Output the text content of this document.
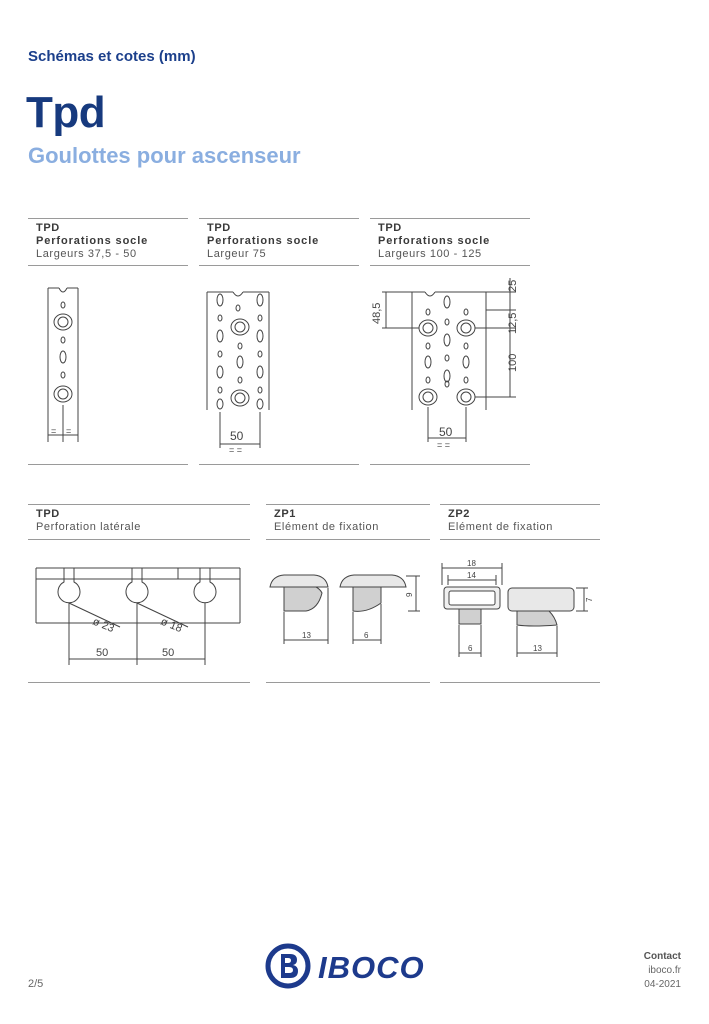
Schémas et cotes (mm)
Tpd
Goulottes pour ascenseur
TPD
Perforations socle
Largeurs 37,5 - 50
= =
TPD
Perforations socle
Largeur 75
50
= =
TPD
Perforations socle
Largeurs 100 - 125
48,5
25
12,5
100
50
= =
TPD
Perforation latérale
ø 23	ø 18
50	50
ZP1
Elément de fixation
13	6
9
ZP2
Elément de fixation
18
14
7
6	13
2/5	IBOCO	Contact
iboco.fr
04-2021
